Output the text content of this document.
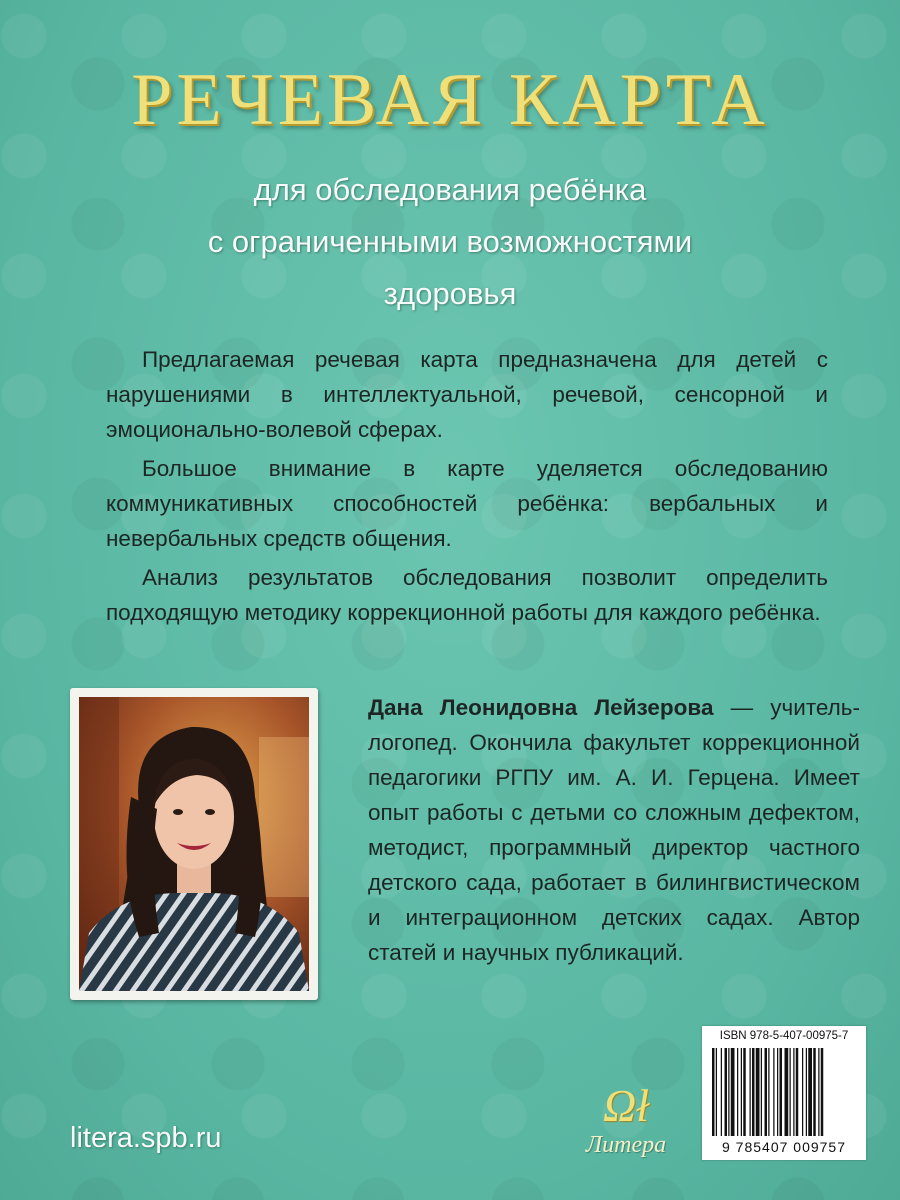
РЕЧЕВАЯ КАРТА
для обследования ребёнка
с ограниченными возможностями
здоровья

Предлагаемая речевая карта предназначена для детей с нарушениями в интеллектуальной, речевой, сенсорной и эмоционально-волевой сферах.

Большое внимание в карте уделяется обследованию коммуникативных способностей ребёнка: вербальных и невербальных средств общения.

Анализ результатов обследования позволит определить подходящую методику коррекционной работы для каждого ребёнка.

Дана Леонидовна Лейзерова — учитель-логопед. Окончила факультет коррекционной педагогики РГПУ им. А. И. Герцена. Имеет опыт работы с детьми со сложным дефектом, методист, программный директор частного детского сада, работает в билингвистическом и интеграционном детских садах. Автор статей и научных публикаций.
litera.spb.ru
Ωł
Литера
ISBN 978-5-407-00975-7
9 785407 009757
